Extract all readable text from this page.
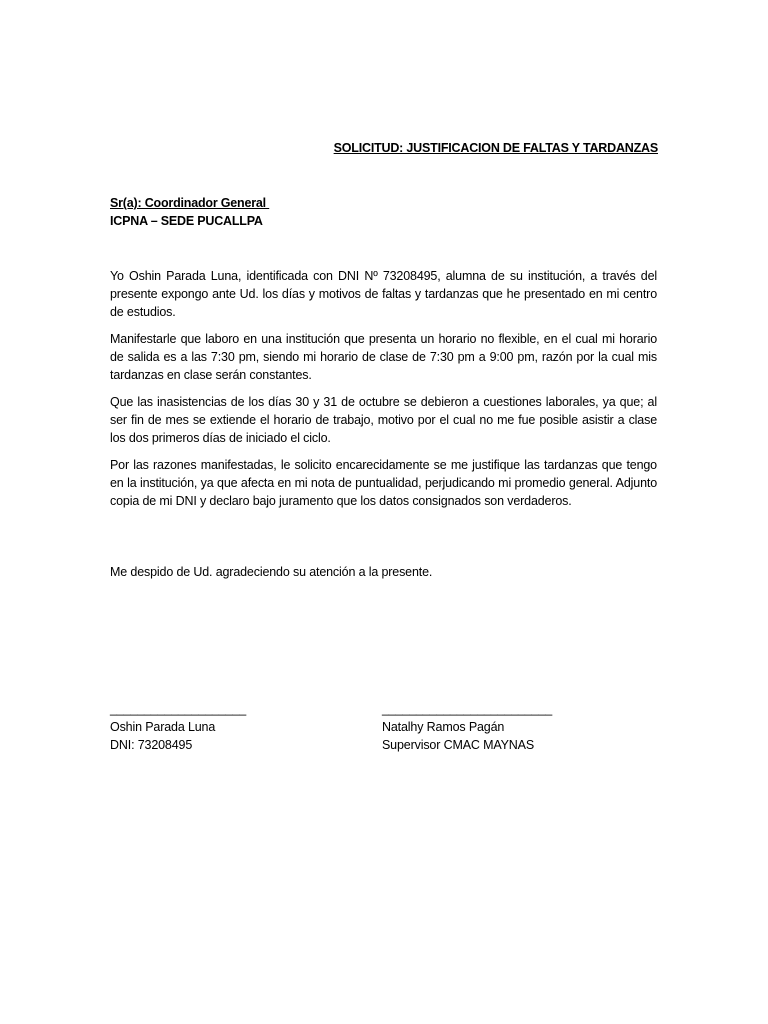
SOLICITUD: JUSTIFICACION DE FALTAS Y TARDANZAS
Sr(a): Coordinador General
ICPNA – SEDE PUCALLPA

Yo Oshin Parada Luna, identificada con DNI Nº 73208495, alumna de su institución, a través del presente expongo ante Ud. los días y motivos de faltas y tardanzas que he presentado en mi centro de estudios.

Manifestarle que laboro en una institución que presenta un horario no flexible, en el cual mi horario de salida es a las 7:30 pm, siendo mi horario de clase de 7:30 pm a 9:00 pm, razón por la cual mis tardanzas en clase serán constantes.

Que las inasistencias de los días 30 y 31 de octubre se debieron a cuestiones laborales, ya que; al ser fin de mes se extiende el horario de trabajo, motivo por el cual no me fue posible asistir a clase los dos primeros días de iniciado el ciclo.

Por las razones manifestadas, le solicito encarecidamente se me justifique las tardanzas que tengo en la institución, ya que afecta en mi nota de puntualidad, perjudicando mi promedio general. Adjunto copia de mi DNI y declaro bajo juramento que los datos consignados son verdaderos.

Me despido de Ud. agradeciendo su atención a la presente.
____________________
Oshin Parada Luna
DNI: 73208495
_________________________
Natalhy Ramos Pagán
Supervisor CMAC MAYNAS
